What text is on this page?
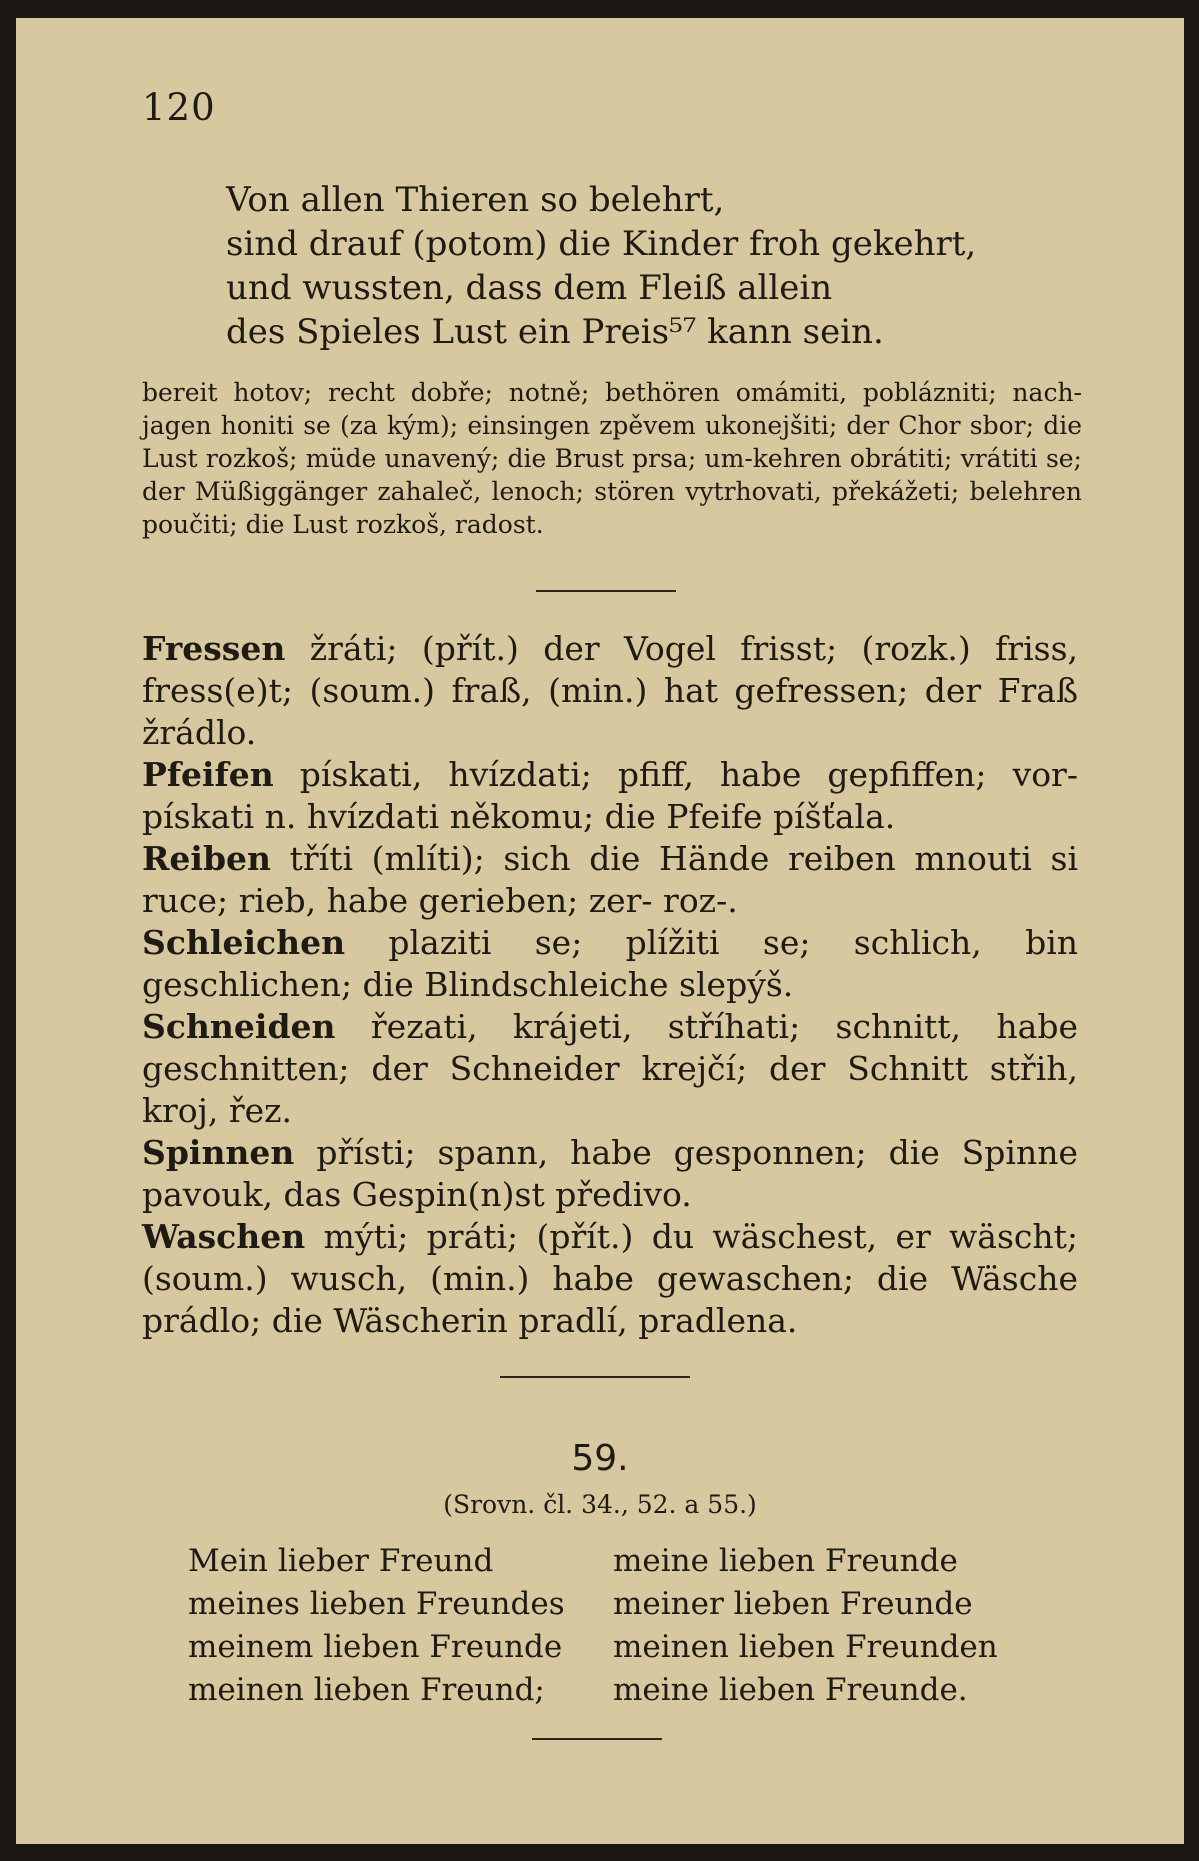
120
Von allen Thieren so belehrt,
sind drauf (potom) die Kinder froh gekehrt,
und wussten, dass dem Fleiß allein
des Spieles Lust ein Preis⁵⁷ kann sein.
bereit hotov; recht dobře; notně; bethören omámiti, poblázniti; nach-jagen honiti se (za kým); einsingen zpěvem ukonejšiti; der Chor sbor; die Lust rozkoš; müde unavený; die Brust prsa; um-kehren obrátiti; vrátiti se; der Müßiggänger zahaleč, lenoch; stören vytrhovati, překážeti; belehren poučiti; die Lust rozkoš, radost.

Fressen žráti; (přít.) der Vogel frisst; (rozk.) friss, fress(e)t; (soum.) fraß, (min.) hat gefressen; der Fraß žrádlo.

Pfeifen pískati, hvízdati; pfiff, habe gepfiffen; vor- pískati n. hvízdati někomu; die Pfeife píšťala.

Reiben tříti (mlíti); sich die Hände reiben mnouti si ruce; rieb, habe gerieben; zer- roz-.

Schleichen plaziti se; plížiti se; schlich, bin geschlichen; die Blindschleiche slepýš.

Schneiden řezati, krájeti, stříhati; schnitt, habe geschnitten; der Schneider krejčí; der Schnitt střih, kroj, řez.

Spinnen přísti; spann, habe gesponnen; die Spinne pavouk, das Gespin(n)st předivo.

Waschen mýti; práti; (přít.) du wäschest, er wäscht; (soum.) wusch, (min.) habe gewaschen; die Wäsche prádlo; die Wäscherin pradlí, pradlena.

59.
(Srovn. čl. 34., 52. a 55.)
Mein lieber Freund
meines lieben Freundes
meinem lieben Freunde
meinen lieben Freund;
meine lieben Freunde
meiner lieben Freunde
meinen lieben Freunden
meine lieben Freunde.
